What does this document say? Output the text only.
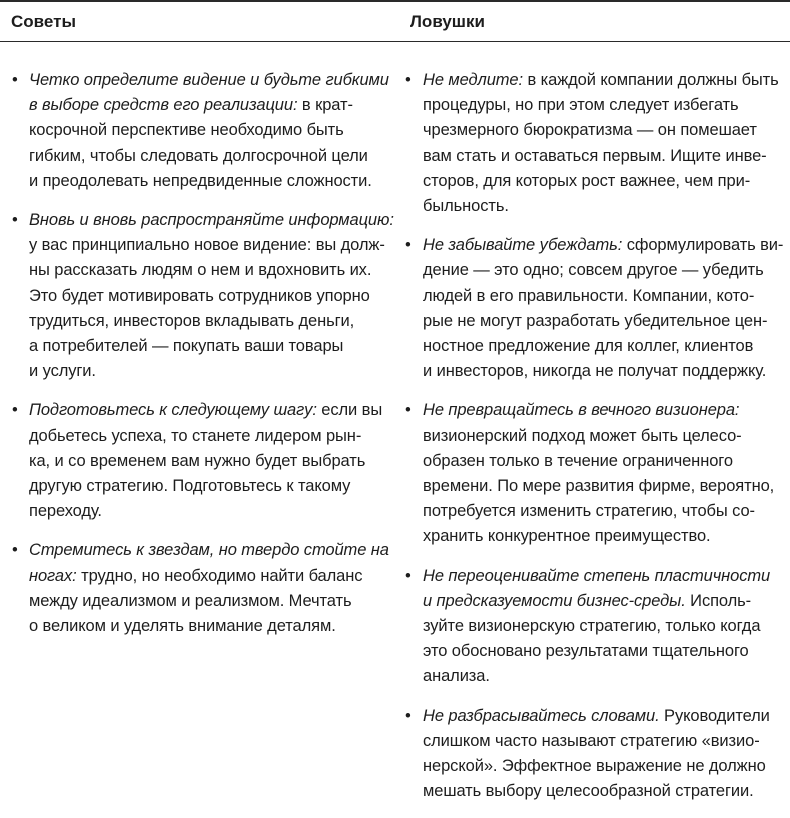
Советы	Ловушки
• Четко определите видение и будьте гибкими
в выборе средств его реализации: в крат-
косрочной перспективе необходимо быть
гибким, чтобы следовать долгосрочной цели
и преодолевать непредвиденные сложности.
• Вновь и вновь распространяйте информацию:
у вас принципиально новое видение: вы долж-
ны рассказать людям о нем и вдохновить их.
Это будет мотивировать сотрудников упорно
трудиться, инвесторов вкладывать деньги,
а потребителей — покупать ваши товары
и услуги.
• Подготовьтесь к следующему шагу: если вы
добьетесь успеха, то станете лидером рын-
ка, и со временем вам нужно будет выбрать
другую стратегию. Подготовьтесь к такому
переходу.
• Стремитесь к звездам, но твердо стойте на
ногах: трудно, но необходимо найти баланс
между идеализмом и реализмом. Мечтать
о великом и уделять внимание деталям.
• Не медлите: в каждой компании должны быть
процедуры, но при этом следует избегать
чрезмерного бюрократизма — он помешает
вам стать и оставаться первым. Ищите инве-
сторов, для которых рост важнее, чем при-
быльность.
• Не забывайте убеждать: сформулировать ви-
дение — это одно; совсем другое — убедить
людей в его правильности. Компании, кото-
рые не могут разработать убедительное цен-
ностное предложение для коллег, клиентов
и инвесторов, никогда не получат поддержку.
• Не превращайтесь в вечного визионера:
визионерский подход может быть целесо-
образен только в течение ограниченного
времени. По мере развития фирме, вероятно,
потребуется изменить стратегию, чтобы со-
хранить конкурентное преимущество.
• Не переоценивайте степень пластичности
и предсказуемости бизнес-среды. Исполь-
зуйте визионерскую стратегию, только когда
это обосновано результатами тщательного
анализа.
• Не разбрасывайтесь словами. Руководители
слишком часто называют стратегию «визио-
нерской». Эффектное выражение не должно
мешать выбору целесообразной стратегии.
